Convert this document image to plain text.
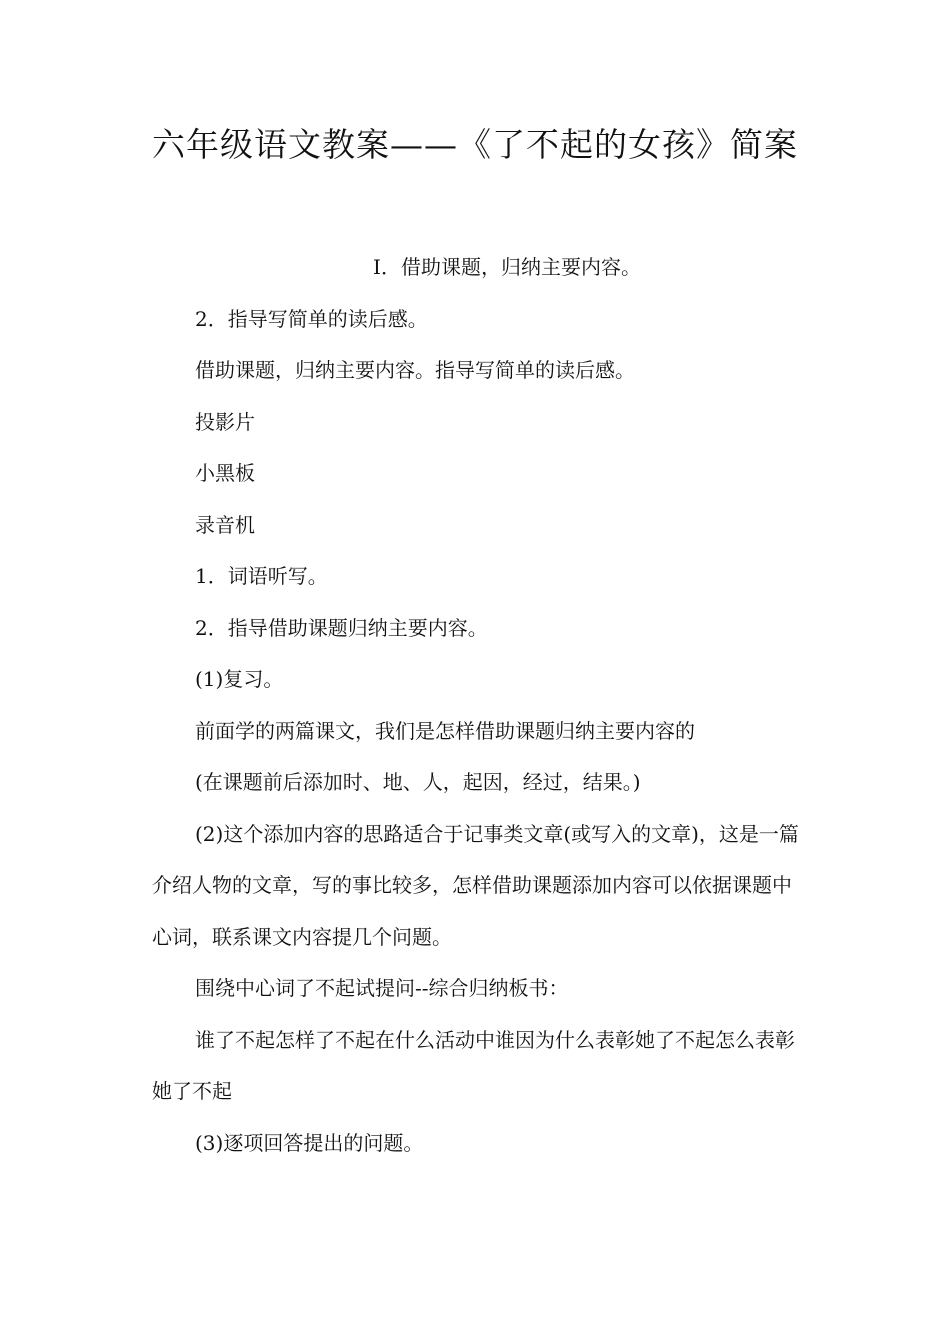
六年级语文教案——《了不起的女孩》简案

I．借助课题，归纳主要内容。

2．指导写简单的读后感。

借助课题，归纳主要内容。指导写简单的读后感。

投影片

小黑板

录音机

1．词语听写。

2．指导借助课题归纳主要内容。

(1)复习。

前面学的两篇课文，我们是怎样借助课题归纳主要内容的

(在课题前后添加时、地、人，起因，经过，结果。)

(2)这个添加内容的思路适合于记事类文章(或写入的文章)，这是一篇介绍人物的文章，写的事比较多，怎样借助课题添加内容可以依据课题中心词，联系课文内容提几个问题。

围绕中心词了不起试提问--综合归纳板书：

谁了不起怎样了不起在什么活动中谁因为什么表彰她了不起怎么表彰她了不起

(3)逐项回答提出的问题。
